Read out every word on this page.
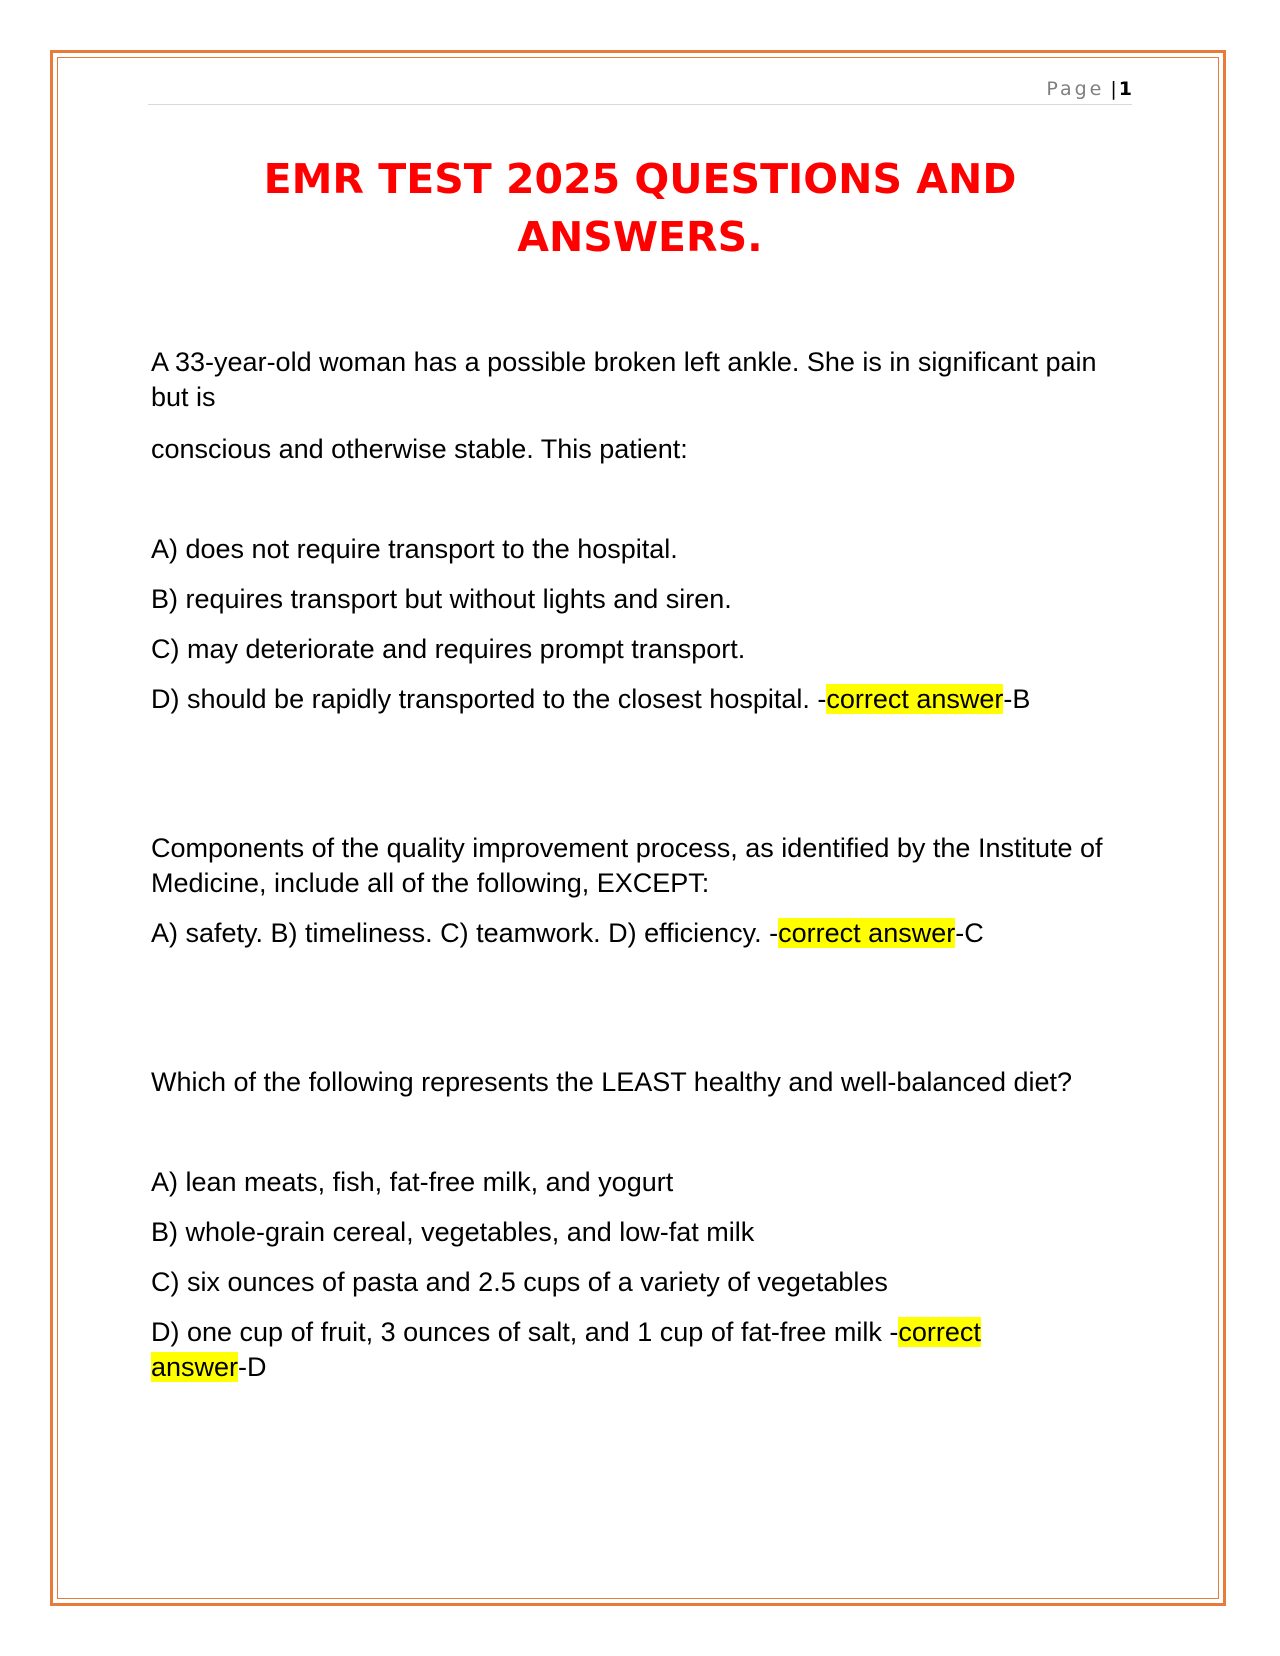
Page | 1
EMR TEST 2025 QUESTIONS AND
ANSWERS.

A 33-year-old woman has a possible broken left ankle. She is in significant pain but is

conscious and otherwise stable. This patient:

A) does not require transport to the hospital.

B) requires transport but without lights and siren.

C) may deteriorate and requires prompt transport.

D) should be rapidly transported to the closest hospital. -correct answer-B

Components of the quality improvement process, as identified by the Institute of Medicine, include all of the following, EXCEPT:

A) safety. B) timeliness. C) teamwork. D) efficiency. -correct answer-C

Which of the following represents the LEAST healthy and well-balanced diet?

A) lean meats, fish, fat-free milk, and yogurt

B) whole-grain cereal, vegetables, and low-fat milk

C) six ounces of pasta and 2.5 cups of a variety of vegetables

D) one cup of fruit, 3 ounces of salt, and 1 cup of fat-free milk -correct
answer-D
